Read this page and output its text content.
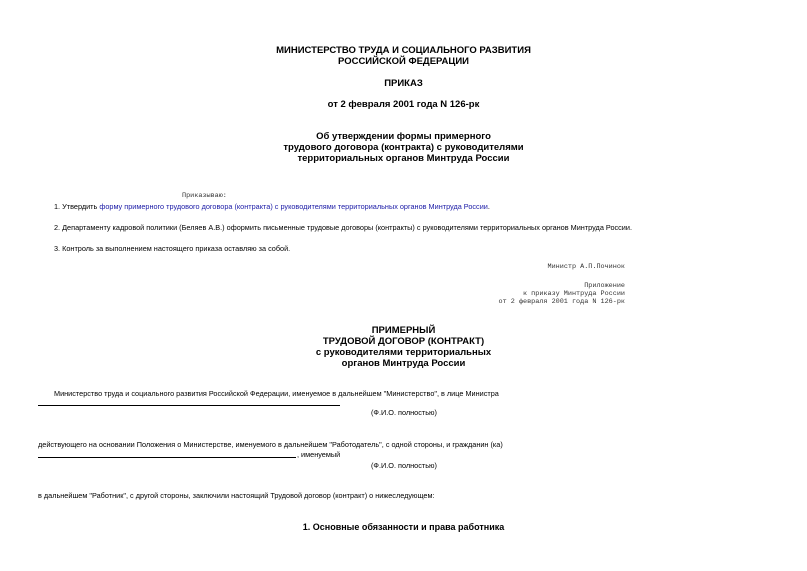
МИНИСТЕРСТВО ТРУДА И СОЦИАЛЬНОГО РАЗВИТИЯ
РОССИЙСКОЙ ФЕДЕРАЦИИ
ПРИКАЗ
от 2 февраля 2001 года N 126-рк
Об утверждении формы примерного
трудового договора (контракта) с руководителями
территориальных органов Минтруда России
Приказываю:
1. Утвердить форму примерного трудового договора (контракта) с руководителями территориальных органов Минтруда России.
2. Департаменту кадровой политики (Беляев А.В.) оформить письменные трудовые договоры (контракты) с руководителями территориальных органов Минтруда России.
3. Контроль за выполнением настоящего приказа оставляю за собой.
Министр А.П.Починок
Приложение
к приказу Минтруда России
от 2 февраля 2001 года N 126-рк
ПРИМЕРНЫЙ
ТРУДОВОЙ ДОГОВОР (КОНТРАКТ)
с руководителями территориальных
органов Минтруда России
Министерство труда и социального развития Российской Федерации, именуемое в дальнейшем "Министерство", в лице Министра
(Ф.И.О. полностью)
действующего на основании Положения о Министерстве, именуемого в дальнейшем "Работодатель", с одной стороны, и гражданин (ка)
, именуемый
(Ф.И.О. полностью)
в дальнейшем "Работник", с другой стороны, заключили настоящий Трудовой договор (контракт) о нижеследующем:
1. Основные обязанности и права работника
